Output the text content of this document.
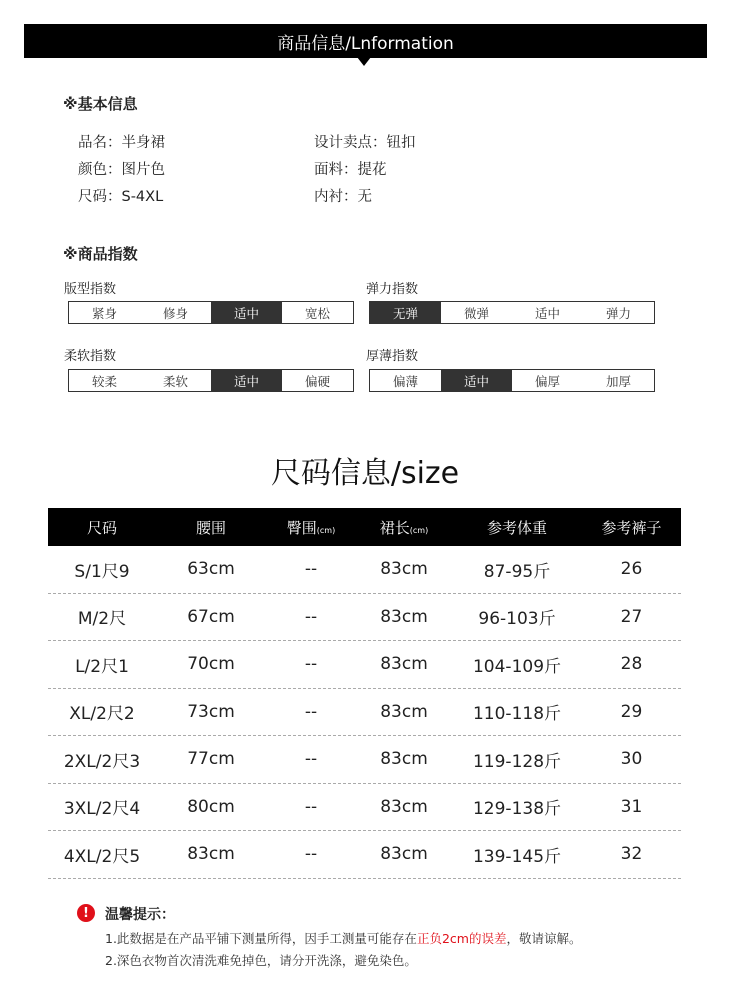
商品信息/Lnformation
※基本信息
品名：半身裙	设计卖点：钮扣
颜色：图片色	面料：提花
尺码：S-4XL	内衬：无
※商品指数
版型指数
紧身	修身	适中	宽松
弹力指数
无弹	微弹	适中	弹力
柔软指数
较柔	柔软	适中	偏硬
厚薄指数
偏薄	适中	偏厚	加厚
尺码信息/size
尺码	腰围	臀围(cm)	裙长(cm)	参考体重	参考裤子
S/1尺9	63cm	--	83cm	87-95斤	26
M/2尺	67cm	--	83cm	96-103斤	27
L/2尺1	70cm	--	83cm	104-109斤	28
XL/2尺2	73cm	--	83cm	110-118斤	29
2XL/2尺3	77cm	--	83cm	119-128斤	30
3XL/2尺4	80cm	--	83cm	129-138斤	31
4XL/2尺5	83cm	--	83cm	139-145斤	32
!	温馨提示：
1.此数据是在产品平铺下测量所得，因手工测量可能存在正负2cm的误差，敬请谅解。
2.深色衣物首次清洗难免掉色，请分开洗涤，避免染色。
